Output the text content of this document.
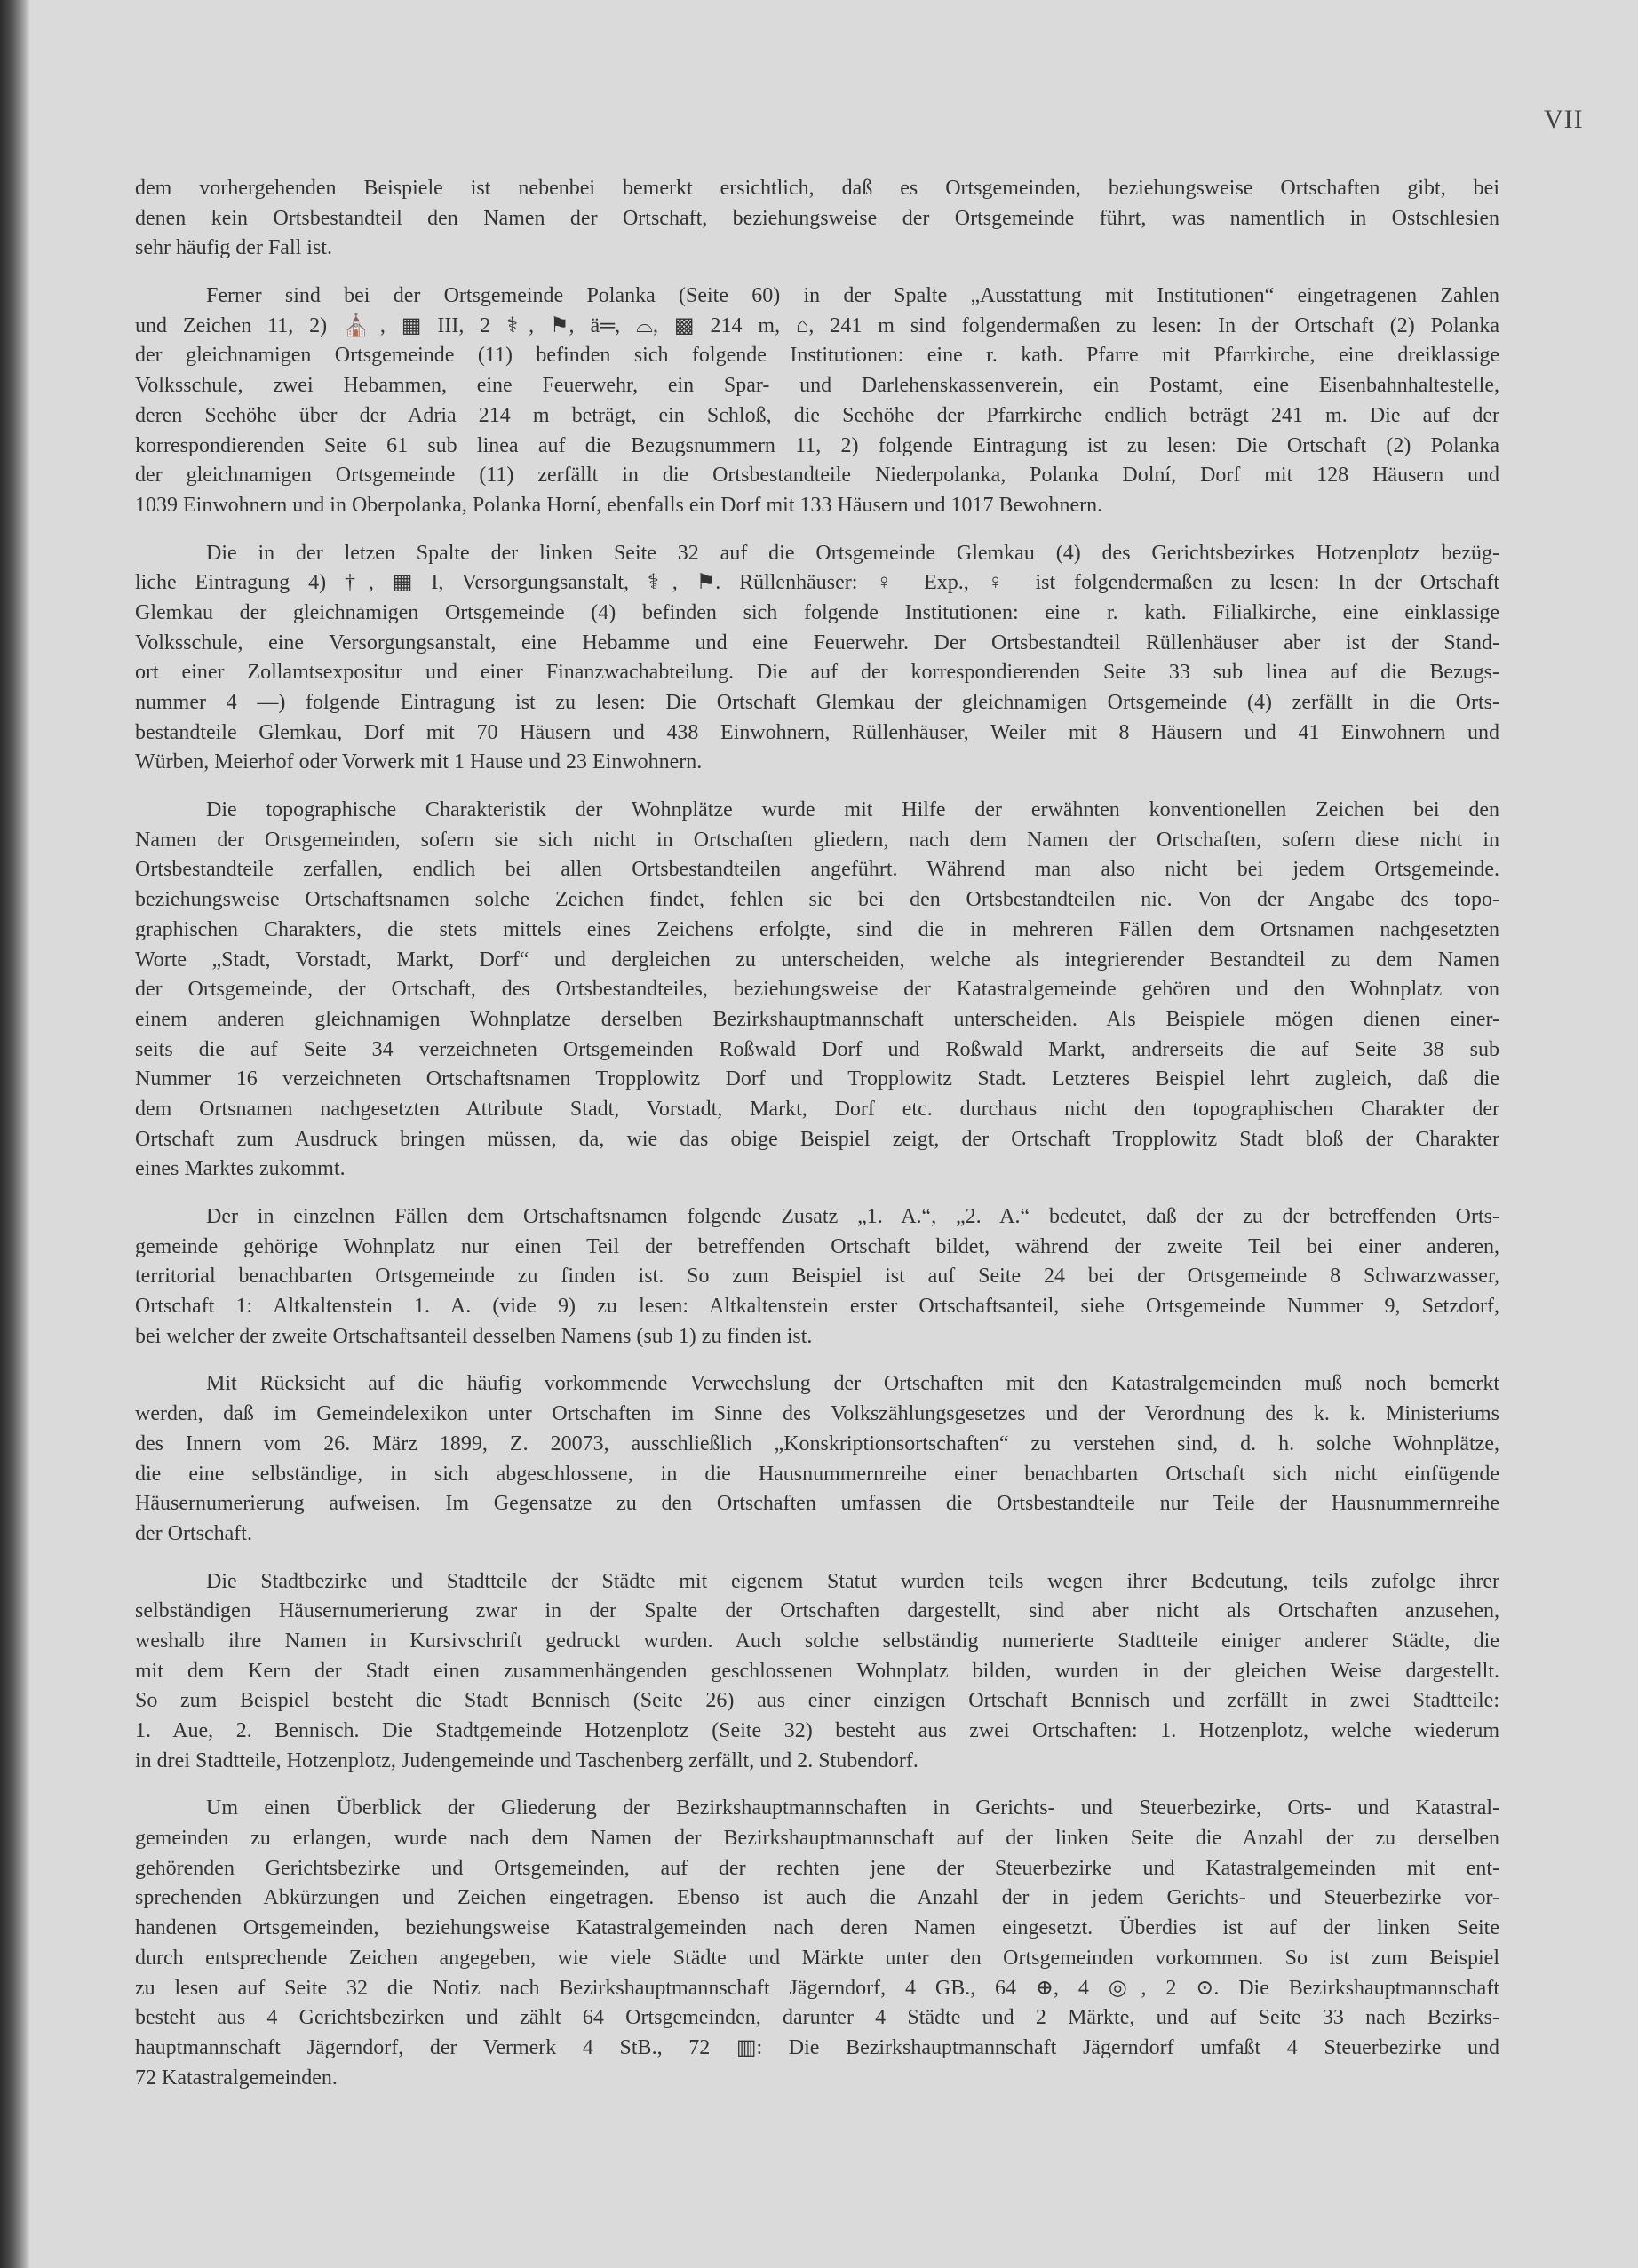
VII
dem vorhergehenden Beispiele ist nebenbei bemerkt ersichtlich, daß es Ortsgemeinden, beziehungsweise Ortschaften gibt, bei
denen kein Ortsbestandteil den Namen der Ortschaft, beziehungsweise der Ortsgemeinde führt, was namentlich in Ostschlesien
sehr häufig der Fall ist.
Ferner sind bei der Ortsgemeinde Polanka (Seite 60) in der Spalte „Ausstattung mit Institutionen“ eingetragenen Zahlen
und Zeichen 11, 2) ⛪, ▦ III, 2 ⚕, ⚑, ä═, ⌓, ▩ 214 m, ⌂, 241 m sind folgendermaßen zu lesen: In der Ortschaft (2) Polanka
der gleichnamigen Ortsgemeinde (11) befinden sich folgende Institutionen: eine r. kath. Pfarre mit Pfarrkirche, eine dreiklassige
Volksschule, zwei Hebammen, eine Feuerwehr, ein Spar- und Darlehenskassenverein, ein Postamt, eine Eisenbahnhaltestelle,
deren Seehöhe über der Adria 214 m beträgt, ein Schloß, die Seehöhe der Pfarrkirche endlich beträgt 241 m. Die auf der
korrespondierenden Seite 61 sub linea auf die Bezugsnummern 11, 2) folgende Eintragung ist zu lesen: Die Ortschaft (2) Polanka
der gleichnamigen Ortsgemeinde (11) zerfällt in die Ortsbestandteile Niederpolanka, Polanka Dolní, Dorf mit 128 Häusern und
1039 Einwohnern und in Oberpolanka, Polanka Horní, ebenfalls ein Dorf mit 133 Häusern und 1017 Bewohnern.
Die in der letzen Spalte der linken Seite 32 auf die Ortsgemeinde Glemkau (4) des Gerichtsbezirkes Hotzenplotz bezüg-
liche Eintragung 4) †, ▦ I, Versorgungsanstalt, ⚕, ⚑. Rüllenhäuser: ♀ Exp., ♀ ist folgendermaßen zu lesen: In der Ortschaft
Glemkau der gleichnamigen Ortsgemeinde (4) befinden sich folgende Institutionen: eine r. kath. Filialkirche, eine einklassige
Volksschule, eine Versorgungsanstalt, eine Hebamme und eine Feuerwehr. Der Ortsbestandteil Rüllenhäuser aber ist der Stand-
ort einer Zollamtsexpositur und einer Finanzwachabteilung. Die auf der korrespondierenden Seite 33 sub linea auf die Bezugs-
nummer 4 —) folgende Eintragung ist zu lesen: Die Ortschaft Glemkau der gleichnamigen Ortsgemeinde (4) zerfällt in die Orts-
bestandteile Glemkau, Dorf mit 70 Häusern und 438 Einwohnern, Rüllenhäuser, Weiler mit 8 Häusern und 41 Einwohnern und
Würben, Meierhof oder Vorwerk mit 1 Hause und 23 Einwohnern.
Die topographische Charakteristik der Wohnplätze wurde mit Hilfe der erwähnten konventionellen Zeichen bei den
Namen der Ortsgemeinden, sofern sie sich nicht in Ortschaften gliedern, nach dem Namen der Ortschaften, sofern diese nicht in
Ortsbestandteile zerfallen, endlich bei allen Ortsbestandteilen angeführt. Während man also nicht bei jedem Ortsgemeinde.
beziehungsweise Ortschaftsnamen solche Zeichen findet, fehlen sie bei den Ortsbestandteilen nie. Von der Angabe des topo-
graphischen Charakters, die stets mittels eines Zeichens erfolgte, sind die in mehreren Fällen dem Ortsnamen nachgesetzten
Worte „Stadt, Vorstadt, Markt, Dorf“ und dergleichen zu unterscheiden, welche als integrierender Bestandteil zu dem Namen
der Ortsgemeinde, der Ortschaft, des Ortsbestandteiles, beziehungsweise der Katastralgemeinde gehören und den Wohnplatz von
einem anderen gleichnamigen Wohnplatze derselben Bezirkshauptmannschaft unterscheiden. Als Beispiele mögen dienen einer-
seits die auf Seite 34 verzeichneten Ortsgemeinden Roßwald Dorf und Roßwald Markt, andrerseits die auf Seite 38 sub
Nummer 16 verzeichneten Ortschaftsnamen Tropplowitz Dorf und Tropplowitz Stadt. Letzteres Beispiel lehrt zugleich, daß die
dem Ortsnamen nachgesetzten Attribute Stadt, Vorstadt, Markt, Dorf etc. durchaus nicht den topographischen Charakter der
Ortschaft zum Ausdruck bringen müssen, da, wie das obige Beispiel zeigt, der Ortschaft Tropplowitz Stadt bloß der Charakter
eines Marktes zukommt.
Der in einzelnen Fällen dem Ortschaftsnamen folgende Zusatz „1. A.“, „2. A.“ bedeutet, daß der zu der betreffenden Orts-
gemeinde gehörige Wohnplatz nur einen Teil der betreffenden Ortschaft bildet, während der zweite Teil bei einer anderen,
territorial benachbarten Ortsgemeinde zu finden ist. So zum Beispiel ist auf Seite 24 bei der Ortsgemeinde 8 Schwarzwasser,
Ortschaft 1: Altkaltenstein 1. A. (vide 9) zu lesen: Altkaltenstein erster Ortschaftsanteil, siehe Ortsgemeinde Nummer 9, Setzdorf,
bei welcher der zweite Ortschaftsanteil desselben Namens (sub 1) zu finden ist.
Mit Rücksicht auf die häufig vorkommende Verwechslung der Ortschaften mit den Katastralgemeinden muß noch bemerkt
werden, daß im Gemeindelexikon unter Ortschaften im Sinne des Volkszählungsgesetzes und der Verordnung des k. k. Ministeriums
des Innern vom 26. März 1899, Z. 20073, ausschließlich „Konskriptionsortschaften“ zu verstehen sind, d. h. solche Wohnplätze,
die eine selbständige, in sich abgeschlossene, in die Hausnummernreihe einer benachbarten Ortschaft sich nicht einfügende
Häusernumerierung aufweisen. Im Gegensatze zu den Ortschaften umfassen die Ortsbestandteile nur Teile der Hausnummernreihe
der Ortschaft.
Die Stadtbezirke und Stadtteile der Städte mit eigenem Statut wurden teils wegen ihrer Bedeutung, teils zufolge ihrer
selbständigen Häusernumerierung zwar in der Spalte der Ortschaften dargestellt, sind aber nicht als Ortschaften anzusehen,
weshalb ihre Namen in Kursivschrift gedruckt wurden. Auch solche selbständig numerierte Stadtteile einiger anderer Städte, die
mit dem Kern der Stadt einen zusammenhängenden geschlossenen Wohnplatz bilden, wurden in der gleichen Weise dargestellt.
So zum Beispiel besteht die Stadt Bennisch (Seite 26) aus einer einzigen Ortschaft Bennisch und zerfällt in zwei Stadtteile:
1. Aue, 2. Bennisch. Die Stadtgemeinde Hotzenplotz (Seite 32) besteht aus zwei Ortschaften: 1. Hotzenplotz, welche wiederum
in drei Stadtteile, Hotzenplotz, Judengemeinde und Taschenberg zerfällt, und 2. Stubendorf.
Um einen Überblick der Gliederung der Bezirkshauptmannschaften in Gerichts- und Steuerbezirke, Orts- und Katastral-
gemeinden zu erlangen, wurde nach dem Namen der Bezirkshauptmannschaft auf der linken Seite die Anzahl der zu derselben
gehörenden Gerichtsbezirke und Ortsgemeinden, auf der rechten jene der Steuerbezirke und Katastralgemeinden mit ent-
sprechenden Abkürzungen und Zeichen eingetragen. Ebenso ist auch die Anzahl der in jedem Gerichts- und Steuerbezirke vor-
handenen Ortsgemeinden, beziehungsweise Katastralgemeinden nach deren Namen eingesetzt. Überdies ist auf der linken Seite
durch entsprechende Zeichen angegeben, wie viele Städte und Märkte unter den Ortsgemeinden vorkommen. So ist zum Beispiel
zu lesen auf Seite 32 die Notiz nach Bezirkshauptmannschaft Jägerndorf, 4 GB., 64 ⊕, 4 ◎, 2 ⊙. Die Bezirkshauptmannschaft
besteht aus 4 Gerichtsbezirken und zählt 64 Ortsgemeinden, darunter 4 Städte und 2 Märkte, und auf Seite 33 nach Bezirks-
hauptmannschaft Jägerndorf, der Vermerk 4 StB., 72 ▥: Die Bezirkshauptmannschaft Jägerndorf umfaßt 4 Steuerbezirke und
72 Katastralgemeinden.
